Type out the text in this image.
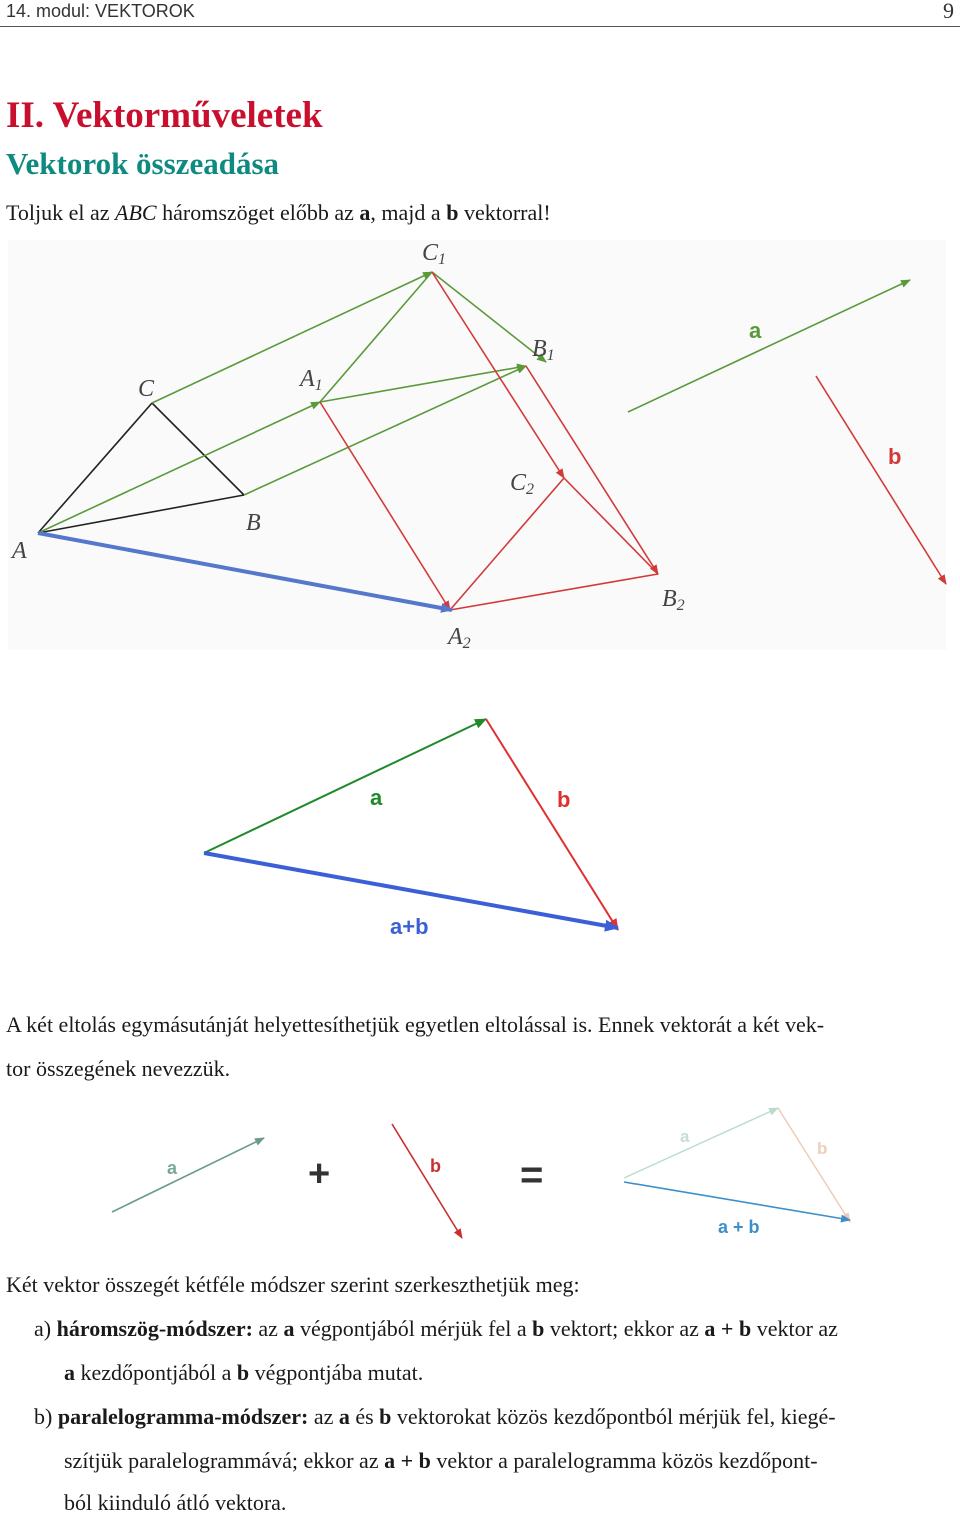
14. modul: VEKTOROK	9
II. Vektorműveletek
Vektorok összeadása

Toljuk el az ABC háromszöget előbb az a, majd a b vektorral!

A
B
C	A1
B1
C1
A2
B2
C2
a
b
a	b
a+b

A két eltolás egymásutánját helyettesíthetjük egyetlen eltolással is. Ennek vektorát a két vek-

tor összegének nevezzük.

a	+	b =
a
b
a + b

Két vektor összegét kétféle módszer szerint szerkeszthetjük meg:

a) háromszög-módszer: az a végpontjából mérjük fel a b vektort; ekkor az a + b vektor az

a kezdőpontjából a b végpontjába mutat.

b) paralelogramma-módszer: az a és b vektorokat közös kezdőpontból mérjük fel, kiegé-

szítjük paralelogrammává; ekkor az a + b vektor a paralelogramma közös kezdőpont-

ból kiinduló átló vektora.
